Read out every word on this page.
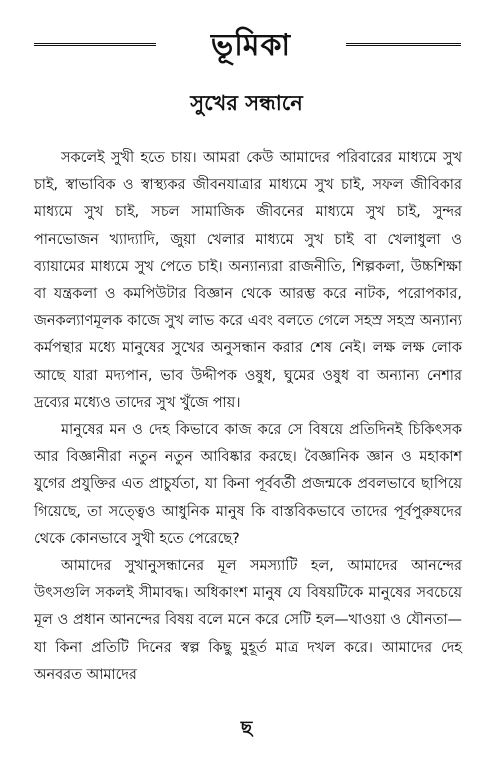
ভূমিকা
সুখের সন্ধানে

সকলেই সুখী হতে চায়। আমরা কেউ আমাদের পরিবারের মাধ্যমে সুখ চাই, স্বাভাবিক ও স্বাস্থ্যকর জীবনযাত্রার মাধ্যমে সুখ চাই, সফল জীবিকার মাধ্যমে সুখ চাই, সচল সামাজিক জীবনের মাধ্যমে সুখ চাই, সুন্দর পানভোজন খ্যাদ্যাদি, জুয়া খেলার মাধ্যমে সুখ চাই বা খেলাধুলা ও ব্যায়ামের মাধ্যমে সুখ পেতে চাই। অন্যান্যরা রাজনীতি, শিল্পকলা, উচ্চশিক্ষা বা যন্ত্রকলা ও কমপিউটার বিজ্ঞান থেকে আরম্ভ করে নাটক, পরোপকার, জনকল্যাণমূলক কাজে সুখ লাভ করে এবং বলতে গেলে সহস্র সহস্র অন্যান্য কর্মপন্থার মধ্যে মানুষের সুখের অনুসন্ধান করার শেষ নেই। লক্ষ লক্ষ লোক আছে যারা মদ্যপান, ভাব উদ্দীপক ওষুধ, ঘুমের ওষুধ বা অন্যান্য নেশার দ্রব্যের মধ্যেও তাদের সুখ খুঁজে পায়।

মানুষের মন ও দেহ কিভাবে কাজ করে সে বিষয়ে প্রতিদিনই চিকিৎসক আর বিজ্ঞানীরা নতুন নতুন আবিষ্কার করছে। বৈজ্ঞানিক জ্ঞান ও মহাকাশ যুগের প্রযুক্তির এত প্রাচুর্যতা, যা কিনা পূর্ববর্তী প্রজন্মকে প্রবলভাবে ছাপিয়ে গিয়েছে, তা সত্ত্বেও আধুনিক মানুষ কি বাস্তবিকভাবে তাদের পূর্বপুরুষদের থেকে কোনভাবে সুখী হতে পেরেছে?

আমাদের সুখানুসন্ধানের মূল সমস্যাটি হল, আমাদের আনন্দের উৎসগুলি সকলই সীমাবদ্ধ। অধিকাংশ মানুষ যে বিষয়টিকে মানুষের সবচেয়ে মূল ও প্রধান আনন্দের বিষয় বলে মনে করে সেটি হল—খাওয়া ও যৌনতা—যা কিনা প্রতিটি দিনের স্বল্প কিছু মুহূর্ত মাত্র দখল করে। আমাদের দেহ অনবরত আমাদের

ছ
